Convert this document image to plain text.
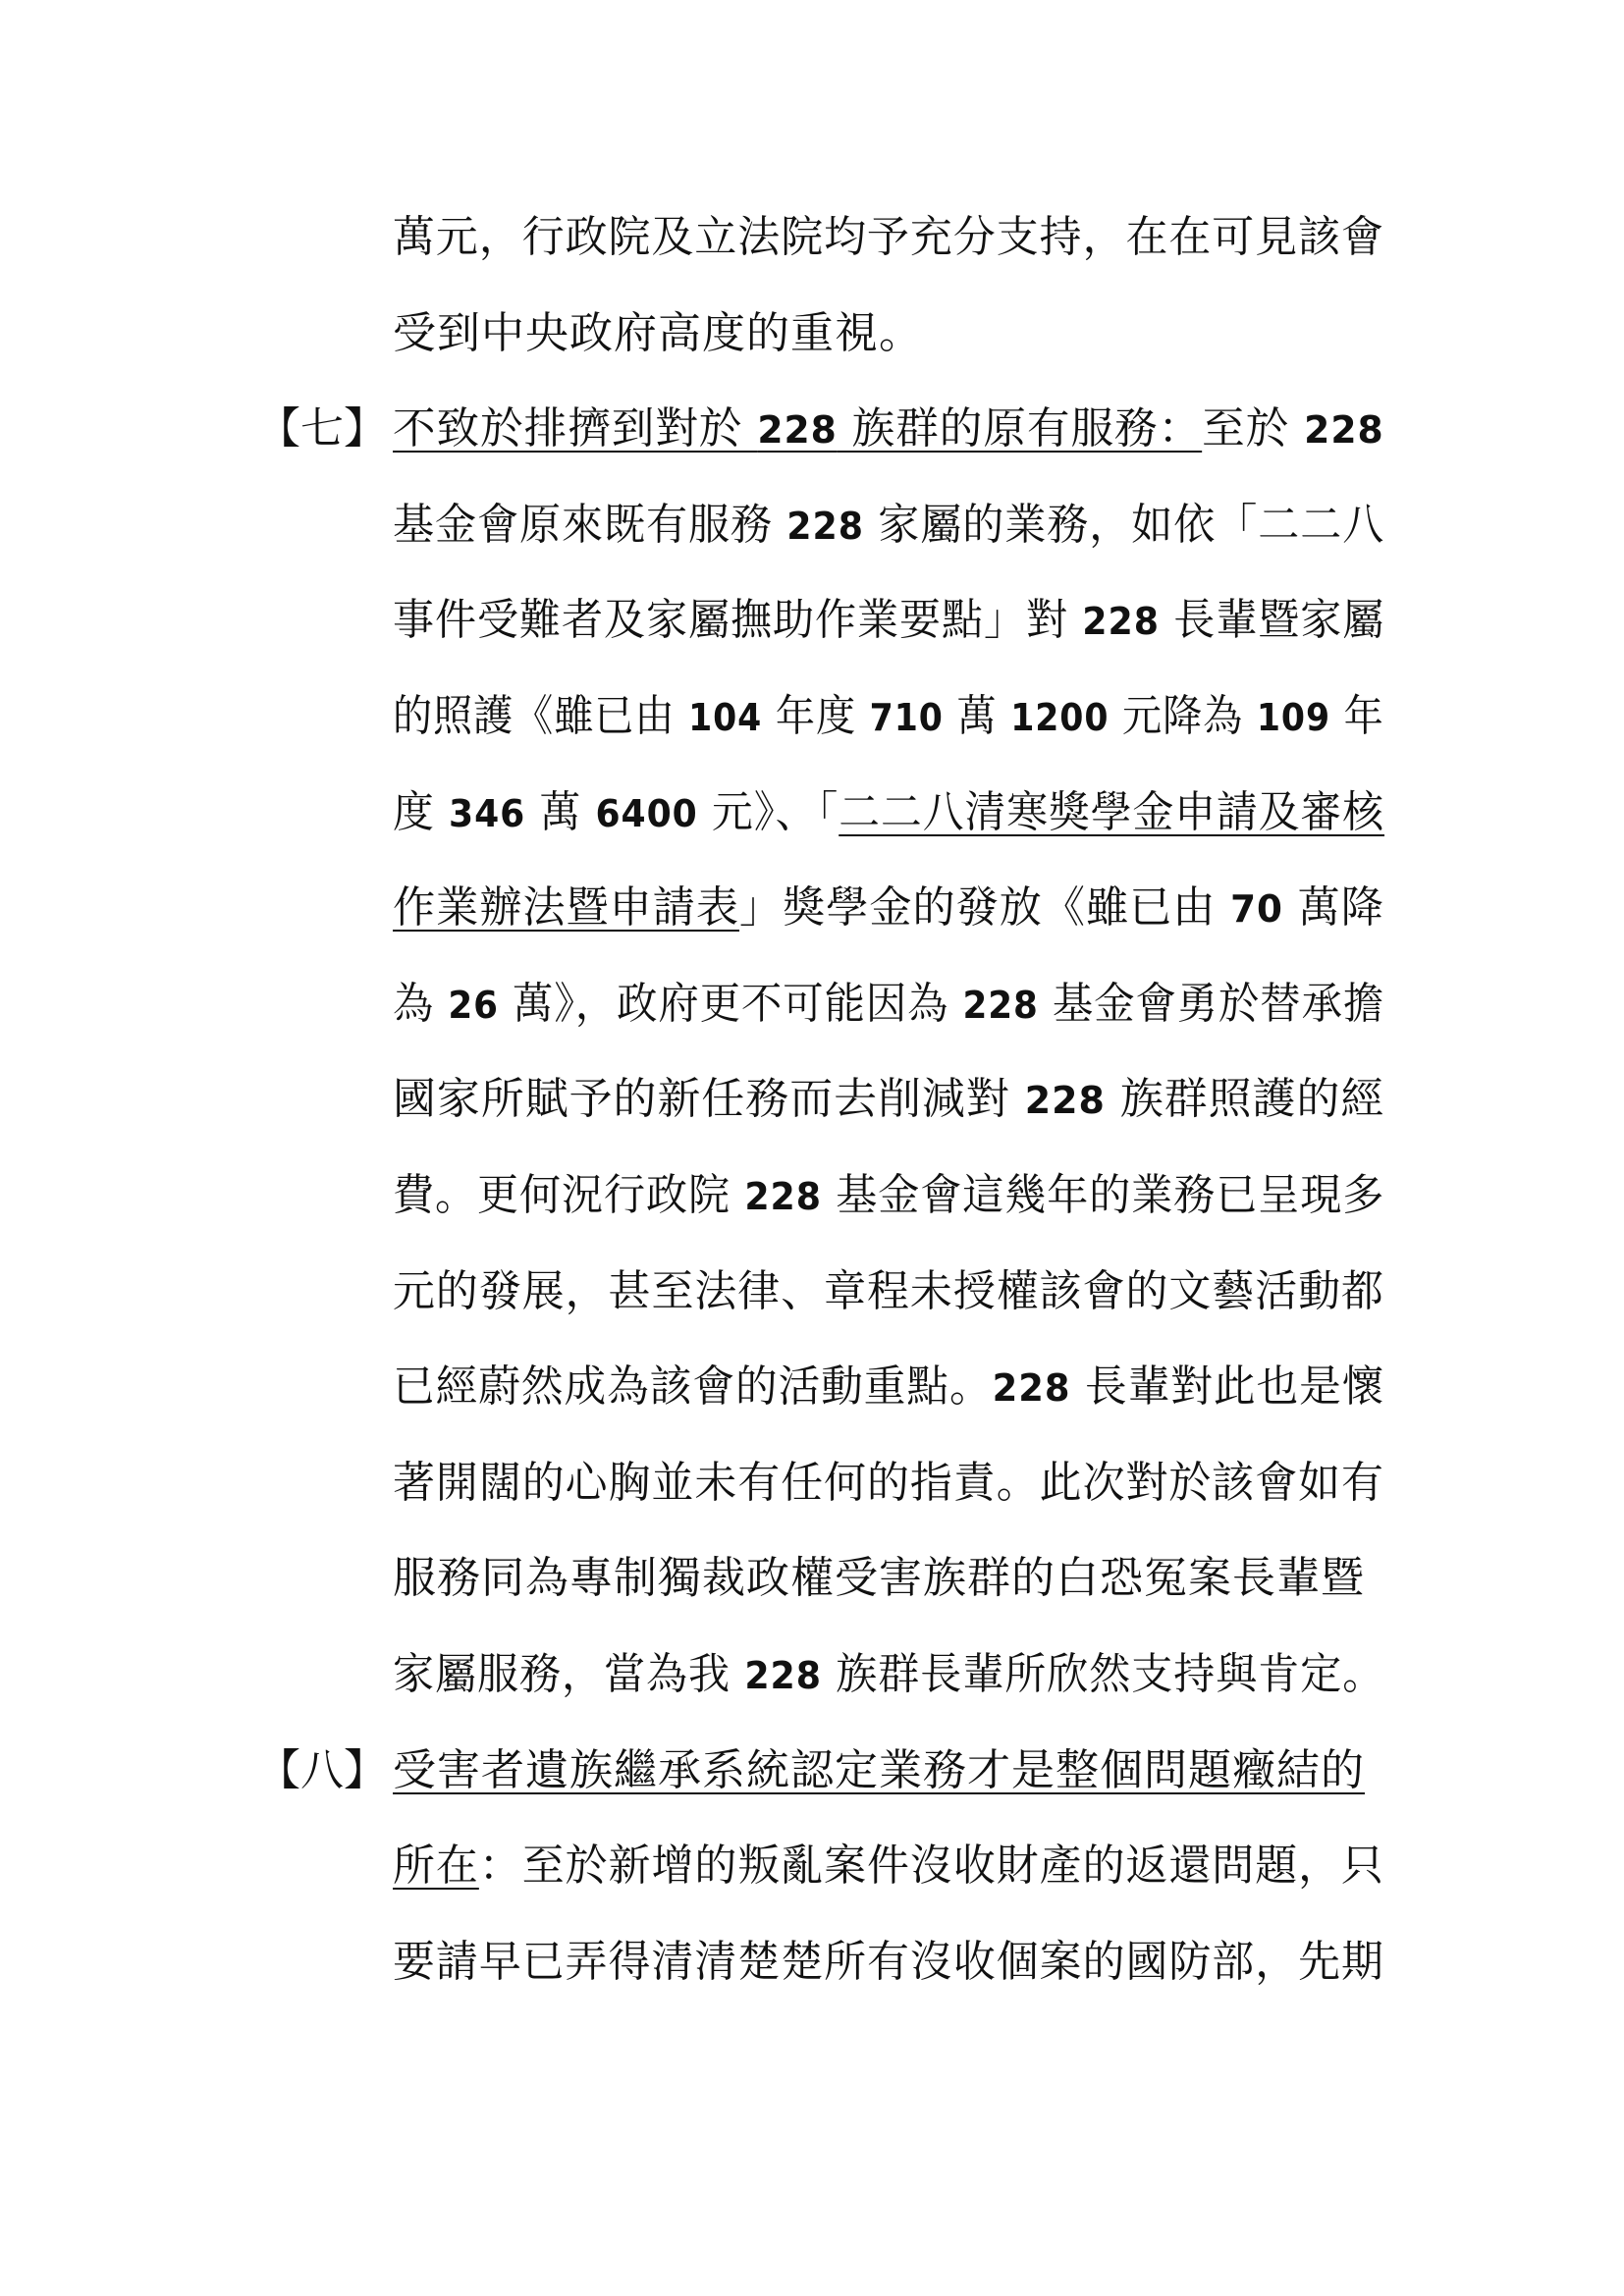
萬元，行政院及立法院均予充分支持，在在可見該會
受到中央政府高度的重視。
【七】 不致於排擠到對於 228 族群的原有服務：至於 228
基金會原來既有服務 228 家屬的業務，如依「二二八
事件受難者及家屬撫助作業要點」對 228 長輩暨家屬
的照護《雖已由 104 年度 710 萬 1200 元降為 109 年
度 346 萬 6400 元》、「二二八清寒獎學金申請及審核
作業辦法暨申請表」獎學金的發放《雖已由 70 萬降
為 26 萬》，政府更不可能因為 228 基金會勇於替承擔
國家所賦予的新任務而去削減對 228 族群照護的經
費。更何況行政院 228 基金會這幾年的業務已呈現多
元的發展，甚至法律、章程未授權該會的文藝活動都
已經蔚然成為該會的活動重點。228 長輩對此也是懷
著開闊的心胸並未有任何的指責。此次對於該會如有
服務同為專制獨裁政權受害族群的白恐冤案長輩暨
家屬服務，當為我 228 族群長輩所欣然支持與肯定。
【八】 受害者遺族繼承系統認定業務才是整個問題癥結的
所在：至於新增的叛亂案件沒收財產的返還問題，只
要請早已弄得清清楚楚所有沒收個案的國防部，先期
